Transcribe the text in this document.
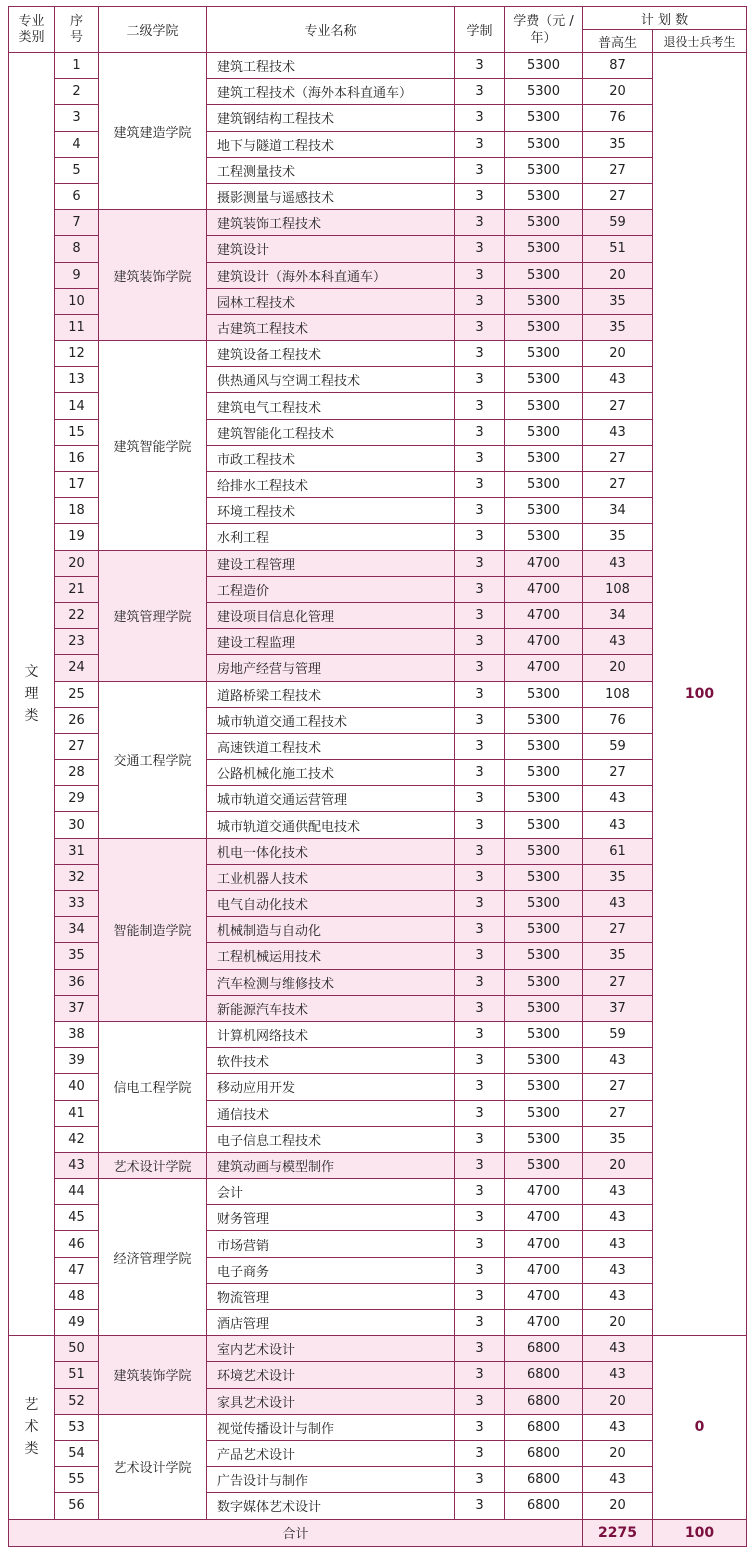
专业类别	序号	二级学院	专业名称	学制	学费（元 / 年）	计 划 数	
						普高生	退役士兵考生
文理类	1	建筑建造学院	建筑工程技术	3	5300	87	100
	2		建筑工程技术（海外本科直通车）	3	5300	20	
	3		建筑钢结构工程技术	3	5300	76	
	4		地下与隧道工程技术	3	5300	35	
	5		工程测量技术	3	5300	27	
	6		摄影测量与遥感技术	3	5300	27	
	7	建筑装饰学院	建筑装饰工程技术	3	5300	59	
	8		建筑设计	3	5300	51	
	9		建筑设计（海外本科直通车）	3	5300	20	
	10		园林工程技术	3	5300	35	
	11		古建筑工程技术	3	5300	35	
	12	建筑智能学院	建筑设备工程技术	3	5300	20	
	13		供热通风与空调工程技术	3	5300	43	
	14		建筑电气工程技术	3	5300	27	
	15		建筑智能化工程技术	3	5300	43	
	16		市政工程技术	3	5300	27	
	17		给排水工程技术	3	5300	27	
	18		环境工程技术	3	5300	34	
	19		水利工程	3	5300	35	
	20	建筑管理学院	建设工程管理	3	4700	43	
	21		工程造价	3	4700	108	
	22		建设项目信息化管理	3	4700	34	
	23		建设工程监理	3	4700	43	
	24		房地产经营与管理	3	4700	20	
	25	交通工程学院	道路桥梁工程技术	3	5300	108	
	26		城市轨道交通工程技术	3	5300	76	
	27		高速铁道工程技术	3	5300	59	
	28		公路机械化施工技术	3	5300	27	
	29		城市轨道交通运营管理	3	5300	43	
	30		城市轨道交通供配电技术	3	5300	43	
	31	智能制造学院	机电一体化技术	3	5300	61	
	32		工业机器人技术	3	5300	35	
	33		电气自动化技术	3	5300	43	
	34		机械制造与自动化	3	5300	27	
	35		工程机械运用技术	3	5300	35	
	36		汽车检测与维修技术	3	5300	27	
	37		新能源汽车技术	3	5300	37	
	38	信电工程学院	计算机网络技术	3	5300	59	
	39		软件技术	3	5300	43	
	40		移动应用开发	3	5300	27	
	41		通信技术	3	5300	27	
	42		电子信息工程技术	3	5300	35	
	43	艺术设计学院	建筑动画与模型制作	3	5300	20	
	44	经济管理学院	会计	3	4700	43	
	45		财务管理	3	4700	43	
	46		市场营销	3	4700	43	
	47		电子商务	3	4700	43	
	48		物流管理	3	4700	43	
	49		酒店管理	3	4700	20	
艺术类	50	建筑装饰学院	室内艺术设计	3	6800	43	0
	51		环境艺术设计	3	6800	43	
	52		家具艺术设计	3	6800	20	
	53	艺术设计学院	视觉传播设计与制作	3	6800	43	
	54		产品艺术设计	3	6800	20	
	55		广告设计与制作	3	6800	43	
	56		数字媒体艺术设计	3	6800	20	
合计						2275	100
